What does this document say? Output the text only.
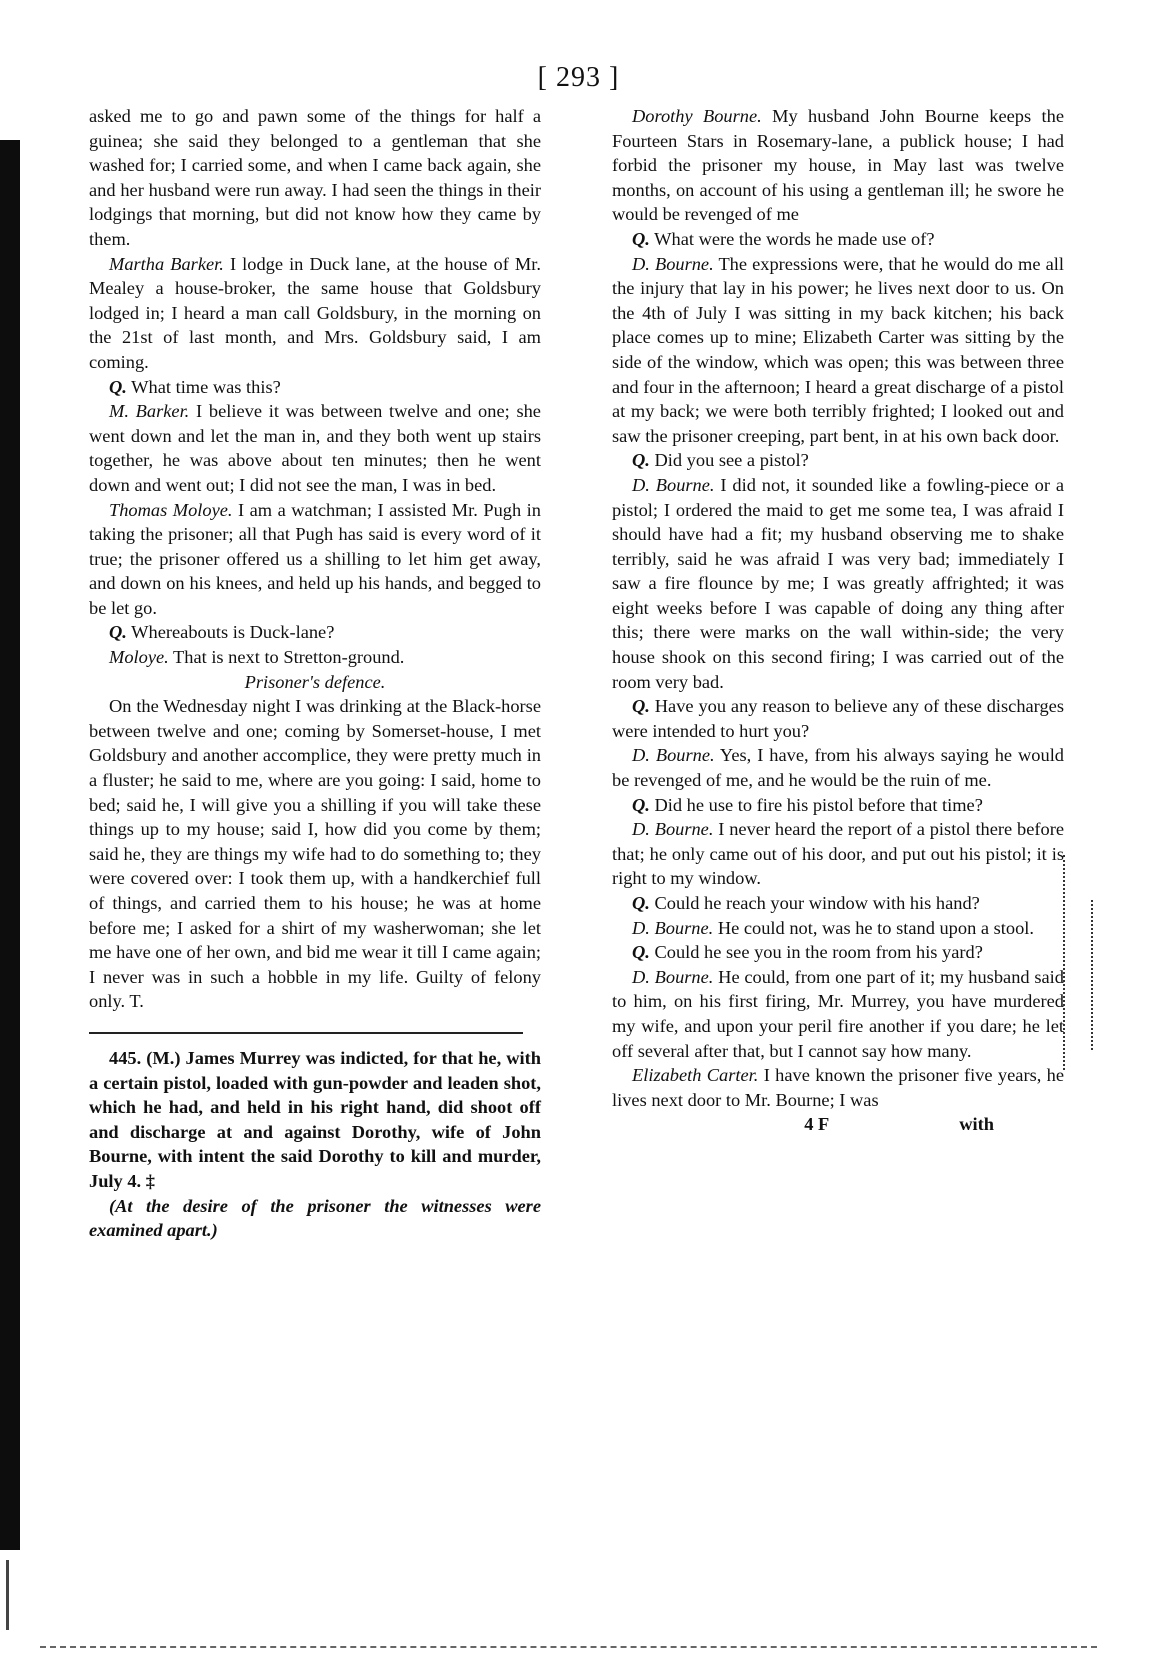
[ 293 ]

asked me to go and pawn some of the things for half a guinea; she said they belonged to a gentleman that she washed for; I carried some, and when I came back again, she and her husband were run away. I had seen the things in their lodgings that morning, but did not know how they came by them.

Martha Barker. I lodge in Duck lane, at the house of Mr. Mealey a house-broker, the same house that Goldsbury lodged in; I heard a man call Goldsbury, in the morning on the 21st of last month, and Mrs. Goldsbury said, I am coming.

Q. What time was this?

M. Barker. I believe it was between twelve and one; she went down and let the man in, and they both went up stairs together, he was above about ten minutes; then he went down and went out; I did not see the man, I was in bed.

Thomas Moloye. I am a watchman; I assisted Mr. Pugh in taking the prisoner; all that Pugh has said is every word of it true; the prisoner offered us a shilling to let him get away, and down on his knees, and held up his hands, and begged to be let go.

Q. Whereabouts is Duck-lane?

Moloye. That is next to Stretton-ground.

Prisoner's defence.

On the Wednesday night I was drinking at the Black-horse between twelve and one; coming by Somerset-house, I met Goldsbury and another accomplice, they were pretty much in a fluster; he said to me, where are you going: I said, home to bed; said he, I will give you a shilling if you will take these things up to my house; said I, how did you come by them; said he, they are things my wife had to do something to; they were covered over: I took them up, with a handkerchief full of things, and carried them to his house; he was at home before me; I asked for a shirt of my washerwoman; she let me have one of her own, and bid me wear it till I came again; I never was in such a hobble in my life. Guilty of felony only. T.

445. (M.) James Murrey was indicted, for that he, with a certain pistol, loaded with gun-powder and leaden shot, which he had, and held in his right hand, did shoot off and discharge at and against Dorothy, wife of John Bourne, with intent the said Dorothy to kill and murder, July 4. ‡

(At the desire of the prisoner the witnesses were examined apart.)

Dorothy Bourne. My husband John Bourne keeps the Fourteen Stars in Rosemary-lane, a publick house; I had forbid the prisoner my house, in May last was twelve months, on account of his using a gentleman ill; he swore he would be revenged of me

Q. What were the words he made use of?

D. Bourne. The expressions were, that he would do me all the injury that lay in his power; he lives next door to us. On the 4th of July I was sitting in my back kitchen; his back place comes up to mine; Elizabeth Carter was sitting by the side of the window, which was open; this was between three and four in the afternoon; I heard a great discharge of a pistol at my back; we were both terribly frighted; I looked out and saw the prisoner creeping, part bent, in at his own back door.

Q. Did you see a pistol?

D. Bourne. I did not, it sounded like a fowling-piece or a pistol; I ordered the maid to get me some tea, I was afraid I should have had a fit; my husband observing me to shake terribly, said he was afraid I was very bad; immediately I saw a fire flounce by me; I was greatly affrighted; it was eight weeks before I was capable of doing any thing after this; there were marks on the wall within-side; the very house shook on this second firing; I was carried out of the room very bad.

Q. Have you any reason to believe any of these discharges were intended to hurt you?

D. Bourne. Yes, I have, from his always saying he would be revenged of me, and he would be the ruin of me.

Q. Did he use to fire his pistol before that time?

D. Bourne. I never heard the report of a pistol there before that; he only came out of his door, and put out his pistol; it is right to my window.

Q. Could he reach your window with his hand?

D. Bourne. He could not, was he to stand upon a stool.

Q. Could he see you in the room from his yard?

D. Bourne. He could, from one part of it; my husband said to him, on his first firing, Mr. Murrey, you have murdered my wife, and upon your peril fire another if you dare; he let off several after that, but I cannot say how many.

Elizabeth Carter. I have known the prisoner five years, he lives next door to Mr. Bourne; I was

4 F	with
